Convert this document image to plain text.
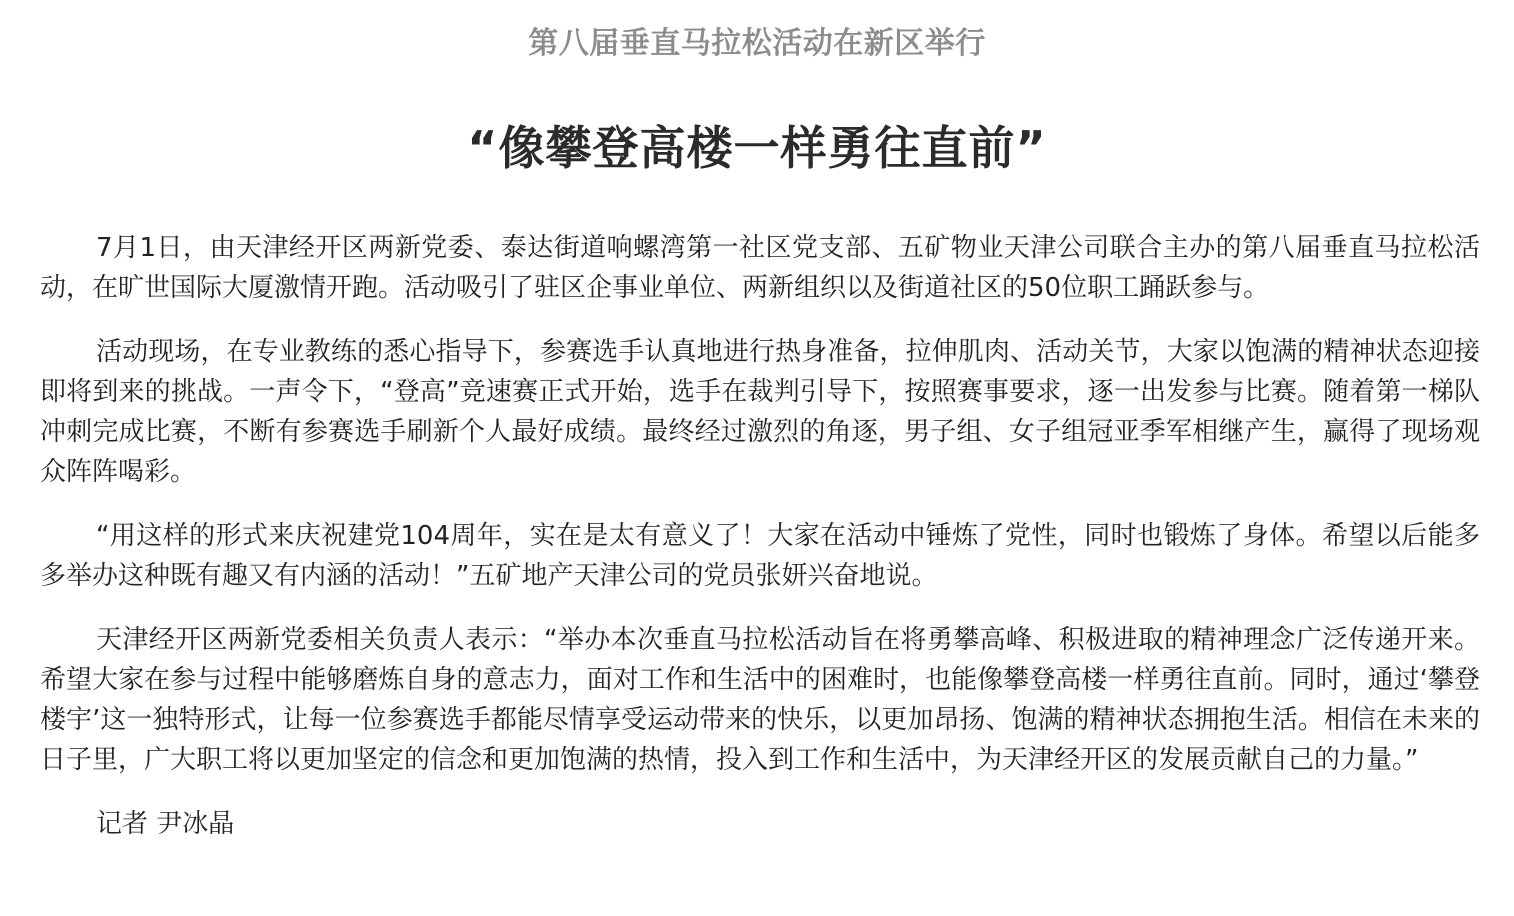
第八届垂直马拉松活动在新区举行
“像攀登高楼一样勇往直前”

7月1日，由天津经开区两新党委、泰达街道响螺湾第一社区党支部、五矿物业天津公司联合主办的第八届垂直马拉松活动，在旷世国际大厦激情开跑。活动吸引了驻区企事业单位、两新组织以及街道社区的50位职工踊跃参与。

活动现场，在专业教练的悉心指导下，参赛选手认真地进行热身准备，拉伸肌肉、活动关节，大家以饱满的精神状态迎接即将到来的挑战。一声令下，“登高”竞速赛正式开始，选手在裁判引导下，按照赛事要求，逐一出发参与比赛。随着第一梯队冲刺完成比赛，不断有参赛选手刷新个人最好成绩。最终经过激烈的角逐，男子组、女子组冠亚季军相继产生，赢得了现场观众阵阵喝彩。

“用这样的形式来庆祝建党104周年，实在是太有意义了！大家在活动中锤炼了党性，同时也锻炼了身体。希望以后能多多举办这种既有趣又有内涵的活动！”五矿地产天津公司的党员张妍兴奋地说。

天津经开区两新党委相关负责人表示：“举办本次垂直马拉松活动旨在将勇攀高峰、积极进取的精神理念广泛传递开来。希望大家在参与过程中能够磨炼自身的意志力，面对工作和生活中的困难时，也能像攀登高楼一样勇往直前。同时，通过‘攀登楼宇’这一独特形式，让每一位参赛选手都能尽情享受运动带来的快乐，以更加昂扬、饱满的精神状态拥抱生活。相信在未来的日子里，广大职工将以更加坚定的信念和更加饱满的热情，投入到工作和生活中，为天津经开区的发展贡献自己的力量。”

记者 尹冰晶
